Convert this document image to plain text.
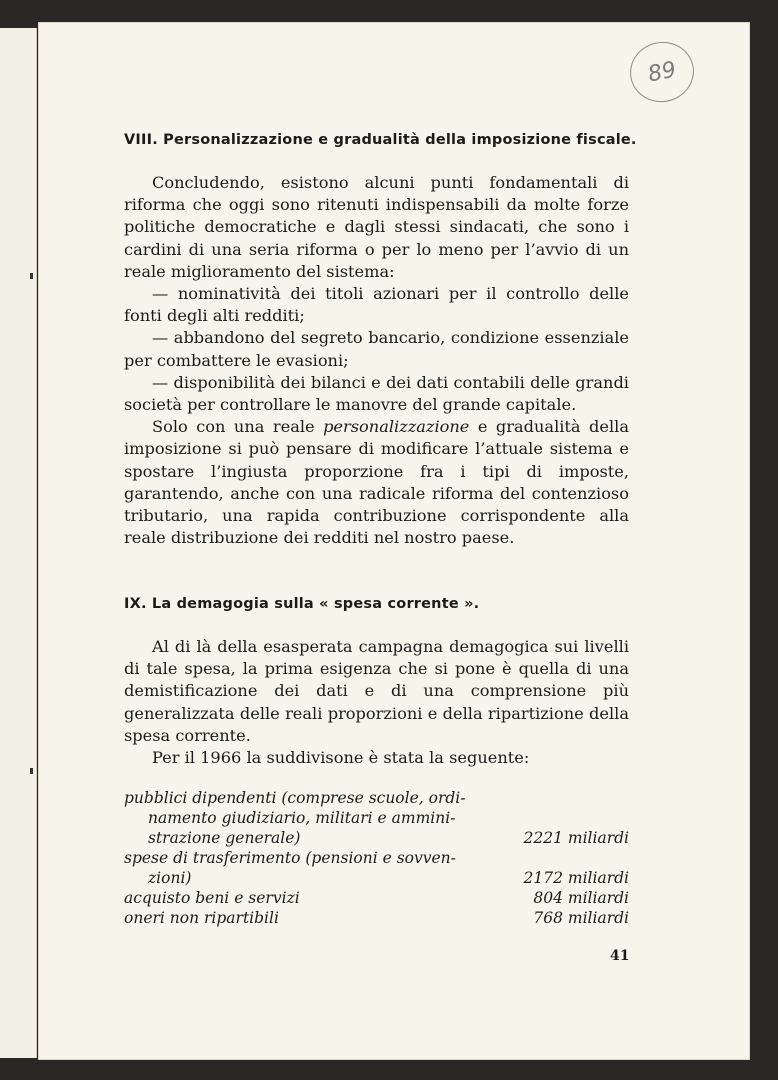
89
VIII. Personalizzazione e gradualità della imposizione fiscale.

Concludendo, esistono alcuni punti fondamentali di riforma che oggi sono ritenuti indispensabili da molte forze politiche democratiche e dagli stessi sindacati, che sono i cardini di una seria riforma o per lo meno per l’avvio di un reale miglioramento del sistema:

— nominatività dei titoli azionari per il controllo delle fonti degli alti redditi;

— abbandono del segreto bancario, condizione essenziale per combattere le evasioni;

— disponibilità dei bilanci e dei dati contabili delle grandi società per controllare le manovre del grande capitale.

Solo con una reale personalizzazione e gradualità della imposizione si può pensare di modificare l’attuale sistema e spostare l’ingiusta proporzione fra i tipi di imposte, garantendo, anche con una radicale riforma del contenzioso tributario, una rapida contribuzione corrispondente alla reale distribuzione dei redditi nel nostro paese.

IX. La demagogia sulla « spesa corrente ».

Al di là della esasperata campagna demagogica sui livelli di tale spesa, la prima esigenza che si pone è quella di una demistificazione dei dati e di una comprensione più generalizzata delle reali proporzioni e della ripartizione della spesa corrente.

Per il 1966 la suddivisone è stata la seguente:

pubblici dipendenti (comprese scuole, ordi-
namento giudiziario, militari e ammini-
strazione generale)	2221 miliardi
spese di trasferimento (pensioni e sovven-
zioni)	2172 miliardi
acquisto beni e servizi	804 miliardi
oneri non ripartibili	768 miliardi
41
